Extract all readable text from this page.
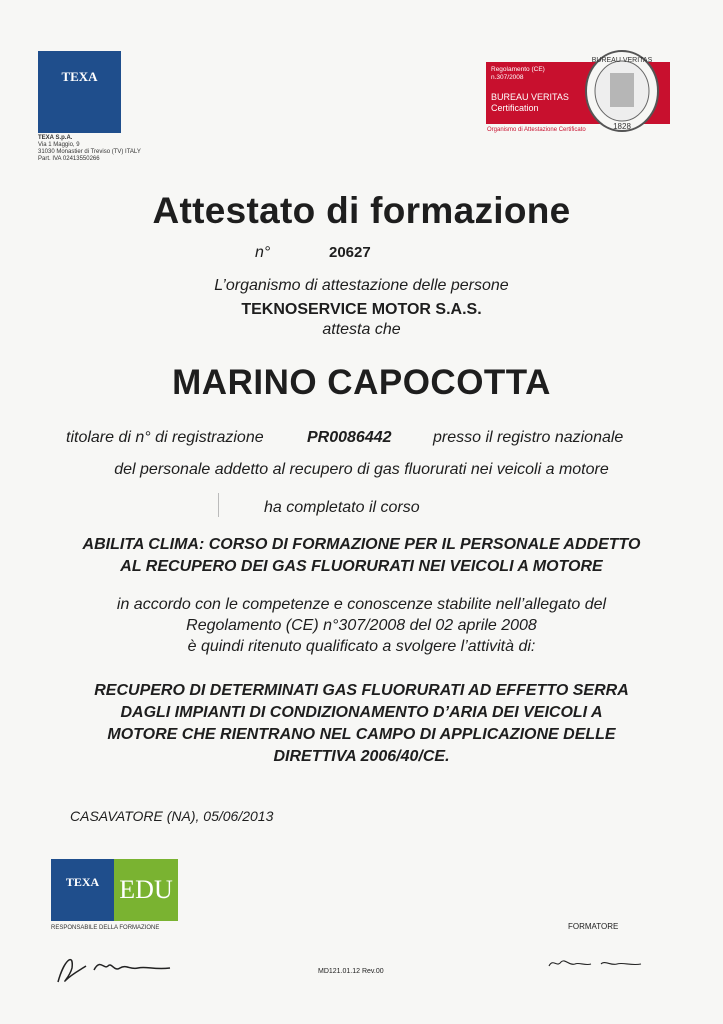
TEXA
TEXA S.p.A.
Via 1 Maggio, 9
31030 Monastier di Treviso (TV) ITALY
Part. IVA 02413550266
Regolamento (CE)
n.307/2008
BUREAU VERITAS
Certification
BUREAU VERITAS
1828
Organismo di Attestazione Certificato
Attestato di formazione
n°	20627
L’organismo di attestazione delle persone
TEKNOSERVICE MOTOR S.A.S.
attesta che
MARINO CAPOCOTTA
titolare di n° di registrazione	PR0086442	presso il registro nazionale
del personale addetto al recupero di gas fluorurati nei veicoli a motore
ha completato il corso
ABILITA CLIMA: CORSO DI FORMAZIONE PER IL PERSONALE ADDETTO
AL RECUPERO DEI GAS FLUORURATI NEI VEICOLI A MOTORE
in accordo con le competenze e conoscenze stabilite nell’allegato del
Regolamento (CE) n°307/2008 del 02 aprile 2008
è quindi ritenuto qualificato a svolgere l’attività di:
RECUPERO DI DETERMINATI GAS FLUORURATI AD EFFETTO SERRA
DAGLI IMPIANTI DI CONDIZIONAMENTO D’ARIA DEI VEICOLI A
MOTORE CHE RIENTRANO NEL CAMPO DI APPLICAZIONE DELLE
DIRETTIVA 2006/40/CE.
CASAVATORE (NA), 05/06/2013
TEXA EDU
RESPONSABILE DELLA FORMAZIONE	FORMATORE
MD121.01.12 Rev.00
